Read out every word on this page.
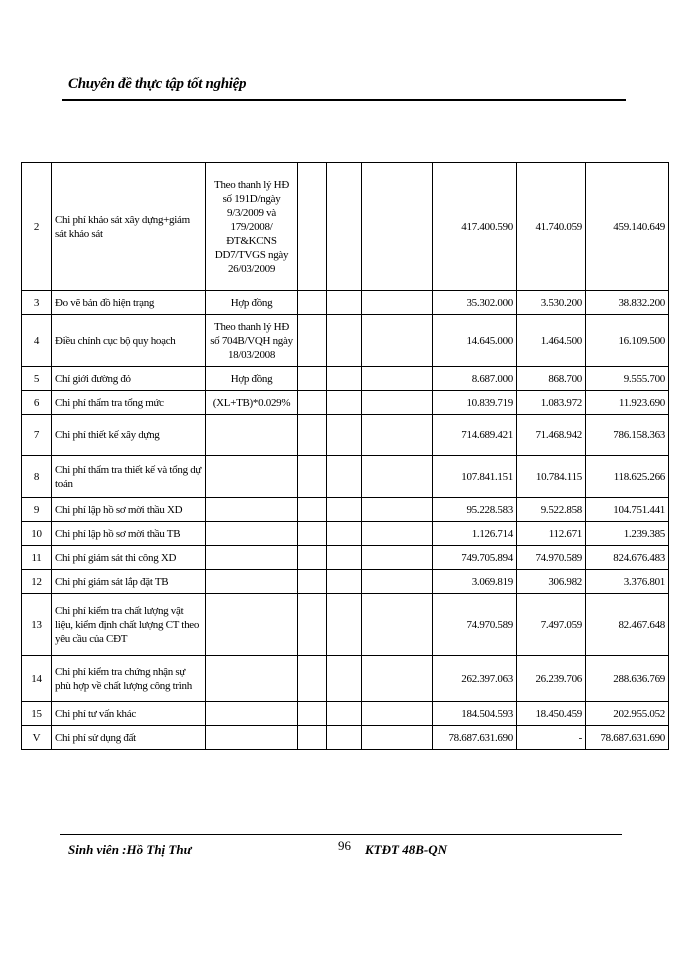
Chuyên đề thực tập tốt nghiệp
2	Chi phí khảo sát xây dựng+giám sát khảo sát	Theo thanh lý HĐ số 191D/ngày 9/3/2009 và 179/2008/ĐT&KCNS DD7/TVGS ngày 26/03/2009				417.400.590	41.740.059	459.140.649
3	Đo vẽ bản đồ hiện trạng	Hợp đồng				35.302.000	3.530.200	38.832.200
4	Điều chỉnh cục bộ quy hoạch	Theo thanh lý HĐ số 704B/VQH ngày 18/03/2008				14.645.000	1.464.500	16.109.500
5	Chỉ giới đường đỏ	Hợp đồng				8.687.000	868.700	9.555.700
6	Chi phí thẩm tra tổng mức	(XL+TB)*0.029%				10.839.719	1.083.972	11.923.690
7	Chi phí thiết kế xây dựng					714.689.421	71.468.942	786.158.363
8	Chi phí thẩm tra thiết kế và tổng dự toán					107.841.151	10.784.115	118.625.266
9	Chi phí lập hồ sơ mời thầu XD					95.228.583	9.522.858	104.751.441
10	Chi phí lập hồ sơ mời thầu TB					1.126.714	112.671	1.239.385
11	Chi phí giám sát thi công XD					749.705.894	74.970.589	824.676.483
12	Chi phí giám sát lắp đặt TB					3.069.819	306.982	3.376.801
13	Chi phí kiểm tra chất lượng vật liệu, kiểm định chất lượng CT theo yêu cầu của CĐT					74.970.589	7.497.059	82.467.648
14	Chi phí kiểm tra chứng nhận sự phù hợp về chất lượng công trình					262.397.063	26.239.706	288.636.769
15	Chi phí tư vấn khác					184.504.593	18.450.459	202.955.052
V	Chi phí sử dụng đất					78.687.631.690	-	78.687.631.690
Sinh viên :Hồ Thị Thư	96 KTĐT 48B-QN
